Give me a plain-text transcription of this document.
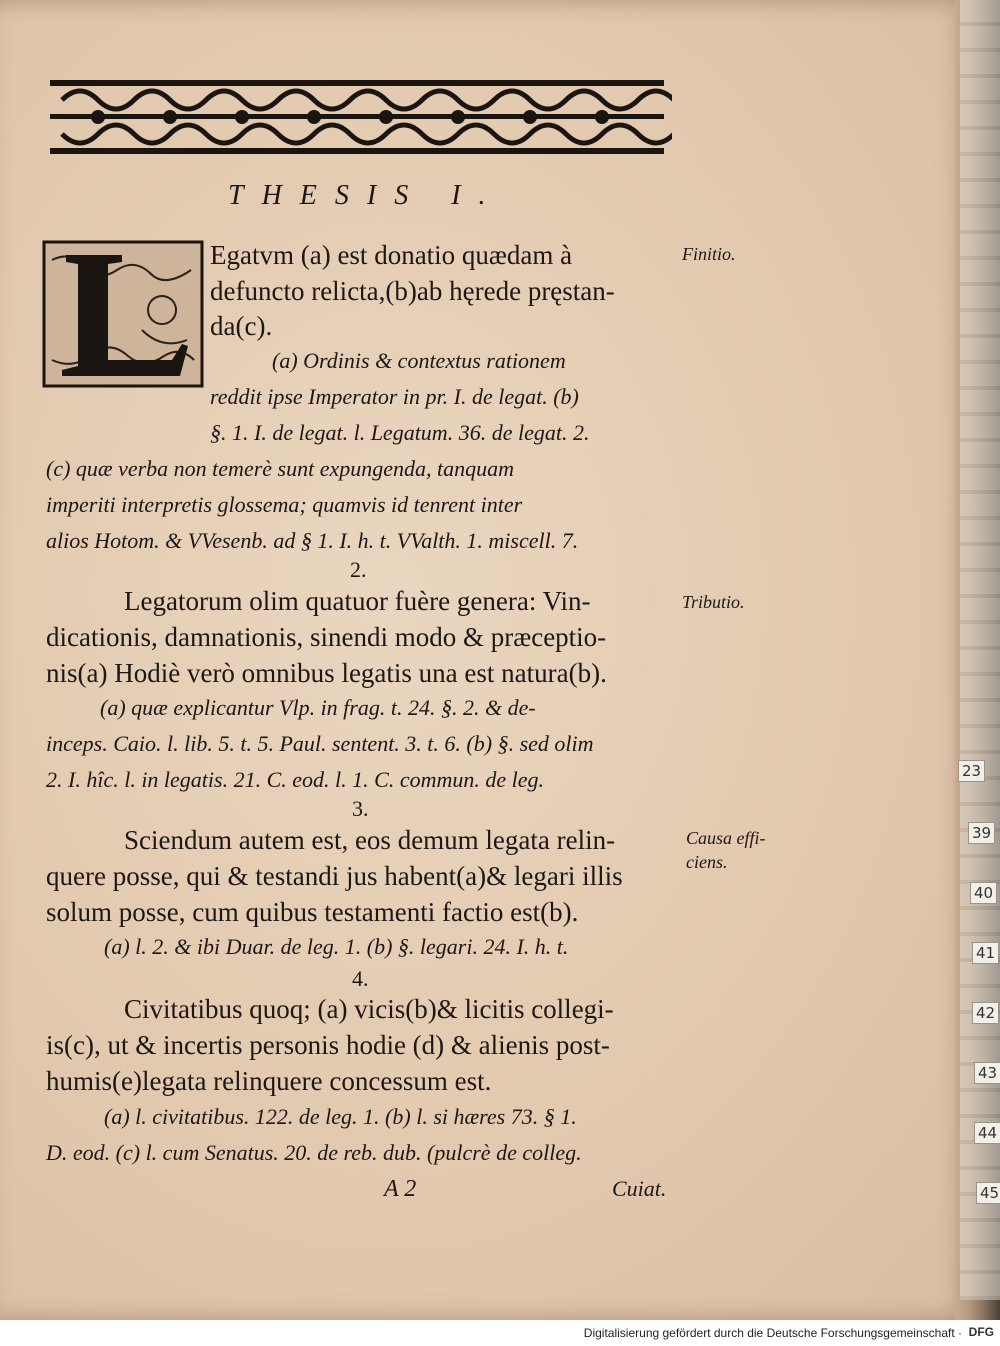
23
39
40
41
42
43
44
45
THESIS I.
Egatvm (a) est donatio quædam à
defuncto relicta,(b)ab hęrede pręstan-
da(c).
(a) Ordinis & contextus rationem
reddit ipse Imperator in pr. I. de legat. (b)
§. 1. I. de legat. l. Legatum. 36. de legat. 2.
(c) quæ verba non temerè sunt expungenda, tanquam
imperiti interpretis glossema; quamvis id tenrent inter
alios Hotom. & VVesenb. ad § 1. I. h. t. VValth. 1. miscell. 7.
Finitio.
2.
Legatorum olim quatuor fuère genera: Vin-
dicationis, damnationis, sinendi modo & præceptio-
nis(a) Hodiè verò omnibus legatis una est natura(b).
(a) quæ explicantur Vlp. in frag. t. 24. §. 2. & de-
inceps. Caio. l. lib. 5. t. 5. Paul. sentent. 3. t. 6. (b) §. sed olim
2. I. hîc. l. in legatis. 21. C. eod. l. 1. C. commun. de leg.
Tributio.
3.
Sciendum autem est, eos demum legata relin-
quere posse, qui & testandi jus habent(a)& legari illis
solum posse, cum quibus testamenti factio est(b).
(a) l. 2. & ibi Duar. de leg. 1. (b) §. legari. 24. I. h. t.
Causa effi-
ciens.
4.
Civitatibus quoq; (a) vicis(b)& licitis collegi-
is(c), ut & incertis personis hodie (d) & alienis post-
humis(e)legata relinquere concessum est.
(a) l. civitatibus. 122. de leg. 1. (b) l. si hæres 73. § 1.
D. eod. (c) l. cum Senatus. 20. de reb. dub. (pulcrè de colleg.
A 2	Cuiat.
Digitalisierung gefördert durch die Deutsche Forschungsgemeinschaft · DFG
